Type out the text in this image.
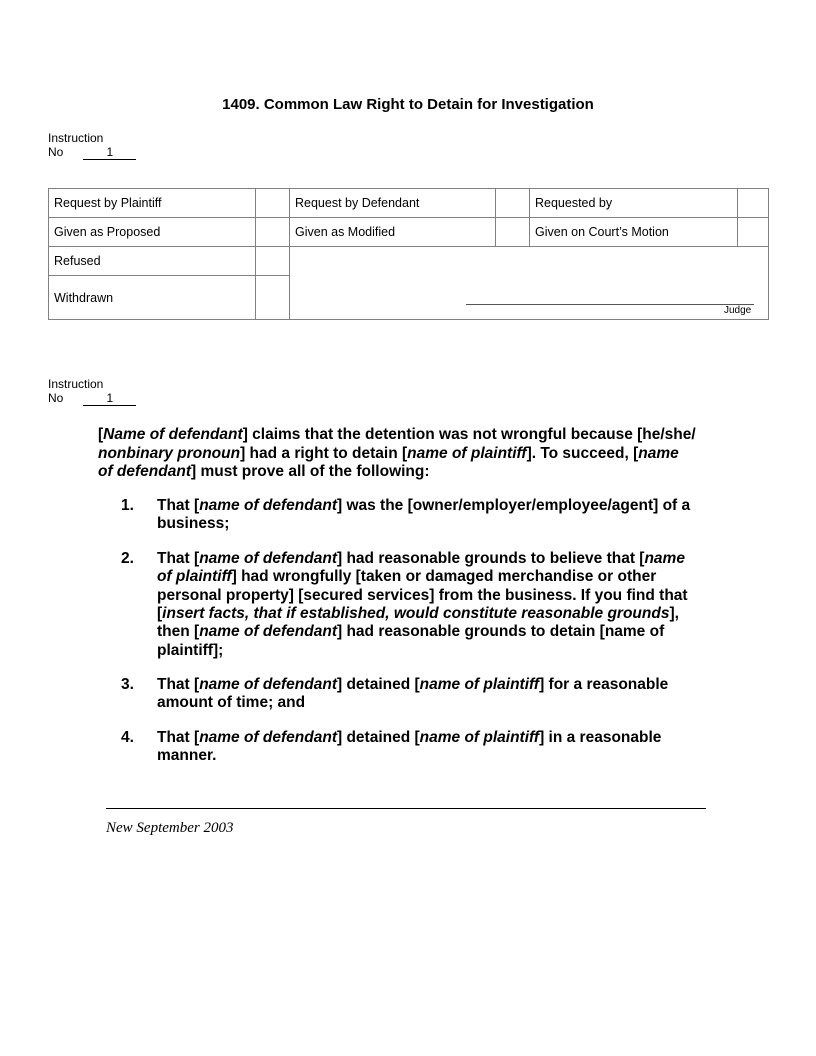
1409. Common Law Right to Detain for Investigation
Instruction
No	1
Request by Plaintiff		Request by Defendant		Requested by	
Given as Proposed		Given as Modified		Given on Court’s Motion	
Refused					
Withdrawn					
Judge
Instruction
No	1
[Name of defendant] claims that the detention was not wrongful because [he/she/
nonbinary pronoun] had a right to detain [name of plaintiff]. To succeed, [name
of defendant] must prove all of the following:
1. That [name of defendant] was the [owner/employer/employee/agent] of a
business;
2. That [name of defendant] had reasonable grounds to believe that [name
of plaintiff] had wrongfully [taken or damaged merchandise or other
personal property] [secured services] from the business. If you find that
[insert facts, that if established, would constitute reasonable grounds],
then [name of defendant] had reasonable grounds to detain [name of
plaintiff];
3. That [name of defendant] detained [name of plaintiff] for a reasonable
amount of time; and
4. That [name of defendant] detained [name of plaintiff] in a reasonable
manner.
New September 2003
